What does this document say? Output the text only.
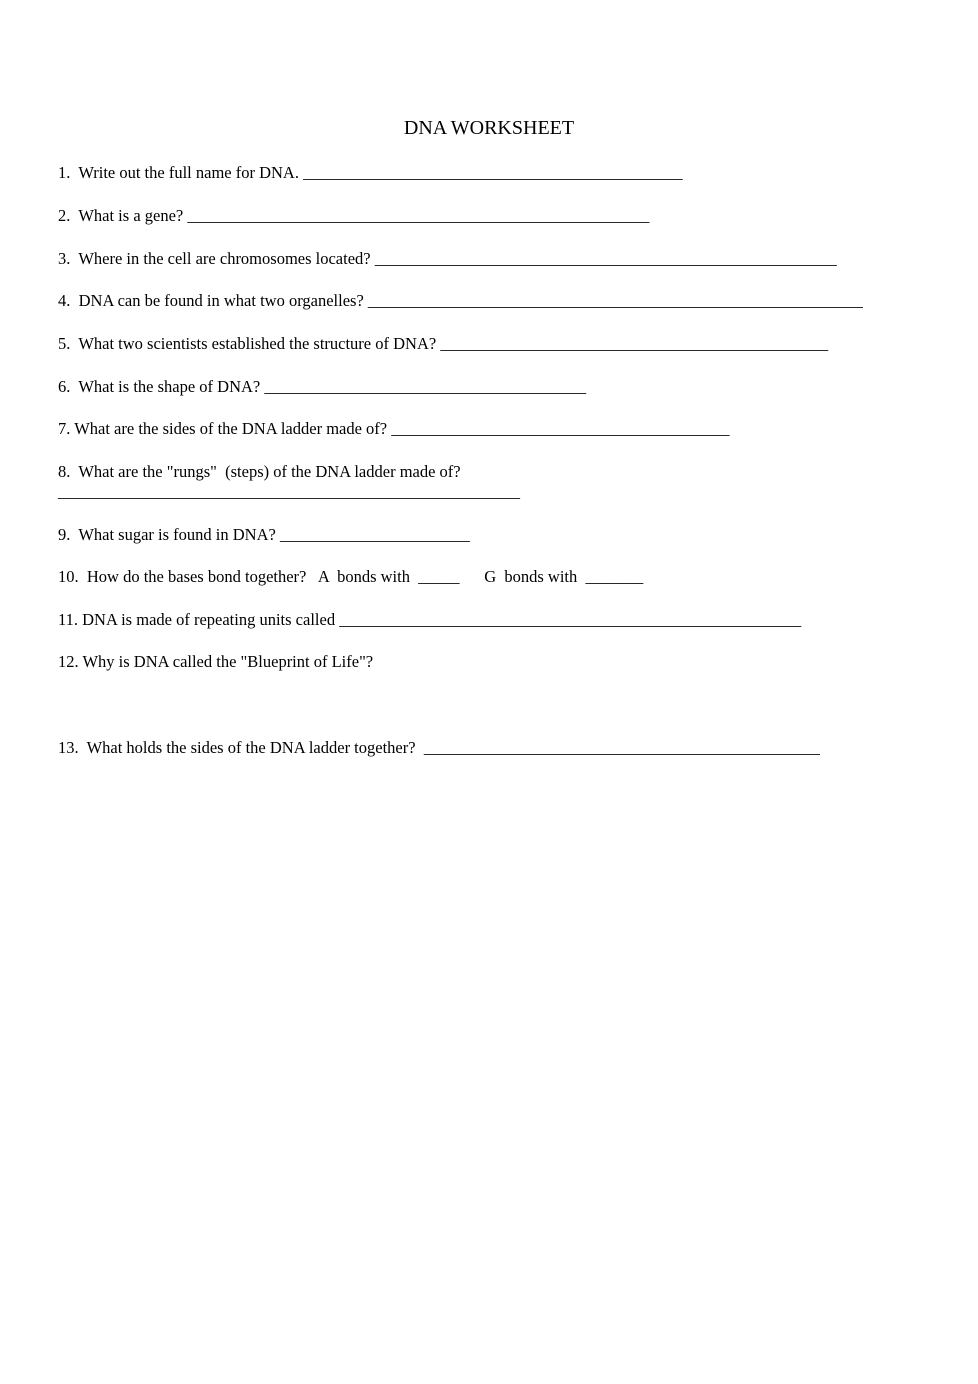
DNA WORKSHEET
1.  Write out the full name for DNA. ______________________________________________
2.  What is a gene? ________________________________________________________
3.  Where in the cell are chromosomes located? ________________________________________________________
4.  DNA can be found in what two organelles? ____________________________________________________________
5.  What two scientists established the structure of DNA? _______________________________________________
6.  What is the shape of DNA? _______________________________________
7. What are the sides of the DNA ladder made of? _________________________________________
8.  What are the "rungs"  (steps) of the DNA ladder made of?
________________________________________________________
9.  What sugar is found in DNA? _______________________
10.  How do the bases bond together?   A  bonds with  _____      G  bonds with  _______
11. DNA is made of repeating units called ________________________________________________________
12. Why is DNA called the "Blueprint of Life"?
13.  What holds the sides of the DNA ladder together?  ________________________________________________
